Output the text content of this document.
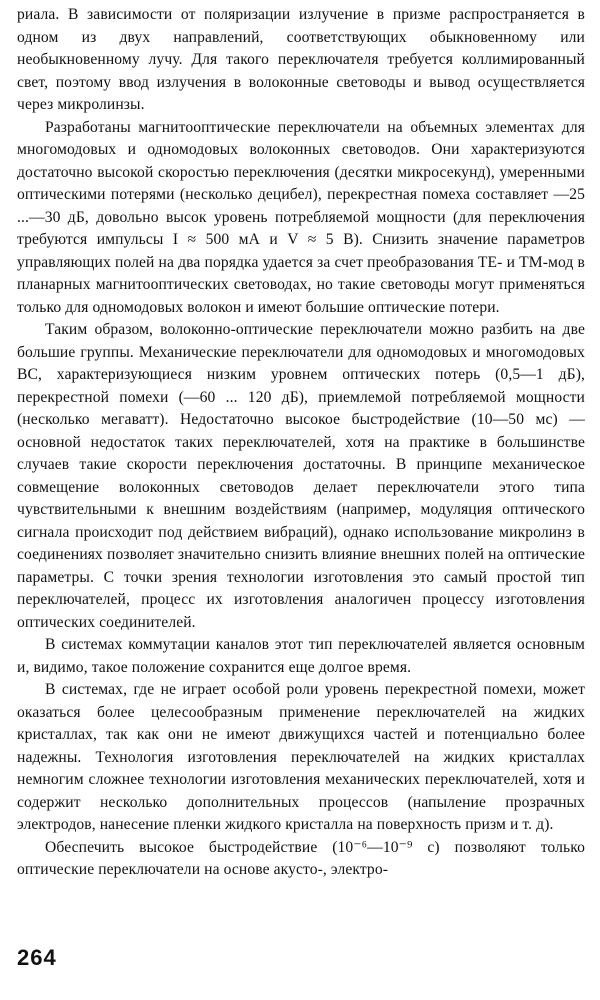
риала. В зависимости от поляризации излучение в призме распространяется в одном из двух направлений, соответствующих обыкновенному или необыкновенному лучу. Для такого переключателя требуется коллимированный свет, поэтому ввод излучения в волоконные световоды и вывод осуществляется через микролинзы.

Разработаны магнитооптические переключатели на объемных элементах для многомодовых и одномодовых волоконных световодов. Они характеризуются достаточно высокой скоростью переключения (десятки микросекунд), умеренными оптическими потерями (несколько децибел), перекрестная помеха составляет —25 ...—30 дБ, довольно высок уровень потребляемой мощности (для переключения требуются импульсы I ≈ 500 мА и V ≈ 5 В). Снизить значение параметров управляющих полей на два порядка удается за счет преобразования TE- и TM-мод в планарных магнитооптических световодах, но такие световоды могут применяться только для одномодовых волокон и имеют большие оптические потери.

Таким образом, волоконно-оптические переключатели можно разбить на две большие группы. Механические переключатели для одномодовых и многомодовых ВС, характеризующиеся низким уровнем оптических потерь (0,5—1 дБ), перекрестной помехи (—60 ... 120 дБ), приемлемой потребляемой мощности (несколько мегаватт). Недостаточно высокое быстродействие (10—50 мс) — основной недостаток таких переключателей, хотя на практике в большинстве случаев такие скорости переключения достаточны. В принципе механическое совмещение волоконных световодов делает переключатели этого типа чувствительными к внешним воздействиям (например, модуляция оптического сигнала происходит под действием вибраций), однако использование микролинз в соединениях позволяет значительно снизить влияние внешних полей на оптические параметры. С точки зрения технологии изготовления это самый простой тип переключателей, процесс их изготовления аналогичен процессу изготовления оптических соединителей.

В системах коммутации каналов этот тип переключателей является основным и, видимо, такое положение сохранится еще долгое время.

В системах, где не играет особой роли уровень перекрестной помехи, может оказаться более целесообразным применение переключателей на жидких кристаллах, так как они не имеют движущихся частей и потенциально более надежны. Технология изготовления переключателей на жидких кристаллах немногим сложнее технологии изготовления механических переключателей, хотя и содержит несколько дополнительных процессов (напыление прозрачных электродов, нанесение пленки жидкого кристалла на поверхность призм и т. д).

Обеспечить высокое быстродействие (10⁻⁶—10⁻⁹ с) позволяют только оптические переключатели на основе акусто-, электро-

264
